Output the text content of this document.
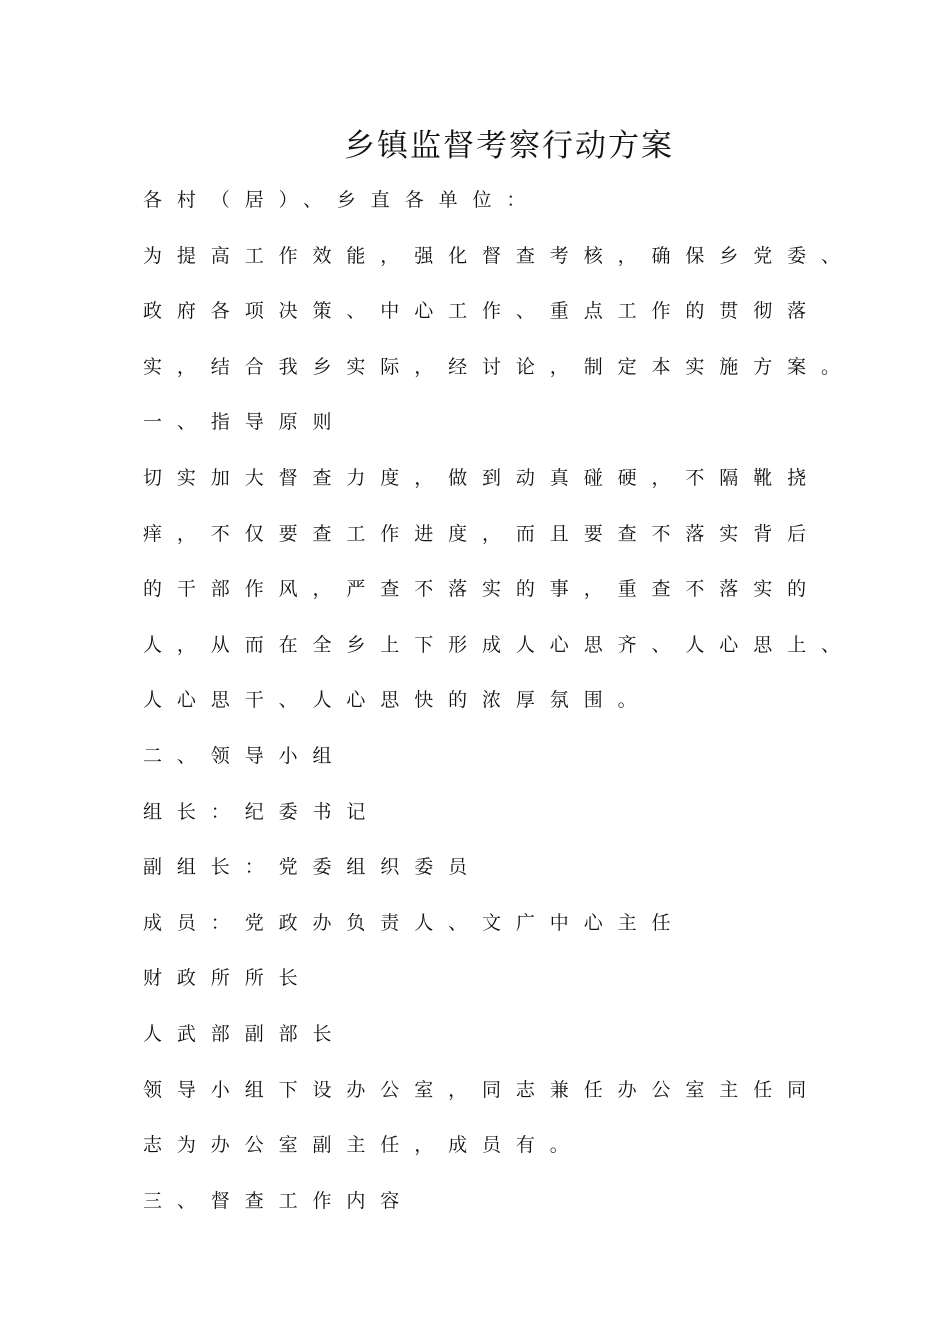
乡镇监督考察行动方案
各村（居）、乡直各单位：
为提高工作效能，强化督查考核，确保乡党委、
政府各项决策、中心工作、重点工作的贯彻落
实，结合我乡实际，经讨论，制定本实施方案。
一、指导原则
切实加大督查力度，做到动真碰硬，不隔靴挠
痒，不仅要查工作进度，而且要查不落实背后
的干部作风，严查不落实的事，重查不落实的
人，从而在全乡上下形成人心思齐、人心思上、
人心思干、人心思快的浓厚氛围。
二、领导小组
组长：纪委书记
副组长：党委组织委员
成员：党政办负责人、文广中心主任
财政所所长
人武部副部长
领导小组下设办公室，同志兼任办公室主任同
志为办公室副主任，成员有。
三、督查工作内容
